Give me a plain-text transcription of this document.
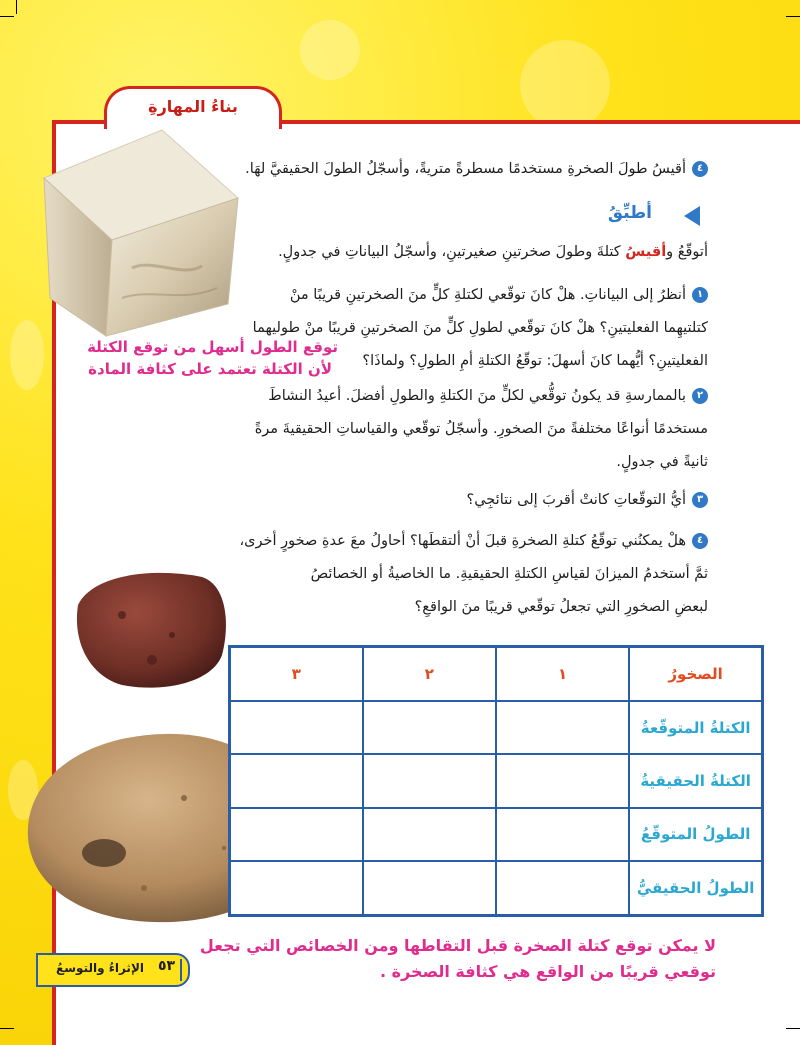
بناءُ المهارةِ
٤أقيسُ طولَ الصخرةِ مستخدمًا مسطرةً متريةً، وأسجّلُ الطولَ الحقيقيَّ لهَا.
أطبِّقُ
أتوقّعُ وأقيسُ كتلةَ وطولَ صخرتينِ صغيرتينِ، وأسجّلُ البياناتِ في جدولٍ.
١أنظرُ إلى البياناتِ. هلْ كانَ توقّعي لكتلةِ كلٍّ منَ الصخرتينِ قريبًا منْ
كتلتيهِما الفعليتينِ؟ هلْ كانَ توقّعي لطولِ كلٍّ منَ الصخرتينِ قريبًا منْ طوليهما
الفعليتينِ؟ أيُّهما كانَ أسهلَ: توقّعُ الكتلةِ أمِ الطولِ؟ ولماذَا؟
توقع الطول أسهل من توقع الكتلة
لأن الكتلة تعتمد على كثافة المادة
٢بالممارسةِ قد يكونُ توقُّعي لكلٍّ منَ الكتلةِ والطولِ أفضلَ. أعيدُ النشاطَ
مستخدمًا أنواعًا مختلفةً منَ الصخورِ. وأسجّلُ توقّعي والقياساتِ الحقيقيةَ مرةً
ثانيةً في جدولٍ.
٣أيُّ التوقّعاتِ كانتْ أقربَ إلى نتائجِي؟
٤هلْ يمكنُني توقّعُ كتلةِ الصخرةِ قبلَ أنْ ألتقطَها؟ أحاولُ معَ عدةِ صخورٍ أخرى،
ثمَّ أستخدمُ الميزانَ لقياسِ الكتلةِ الحقيقيةِ. ما الخاصيةُ أو الخصائصُ
لبعضِ الصخورِ التي تجعلُ توقّعي قريبًا منَ الواقعِ؟
الصخورُ	١	٢	٣
الكتلةُ المتوقّعةُ			
الكتلةُ الحقيقيةُ			
الطولُ المتوقّعُ			
الطولُ الحقيقيُّ			
لا يمكن توقع كتلة الصخرة قبل التقاطها ومن الخصائص التي تجعل
توقعي قريبًا من الواقع هي كثافة الصخرة .
الإثراءُ والتوسعُ ٥٣
